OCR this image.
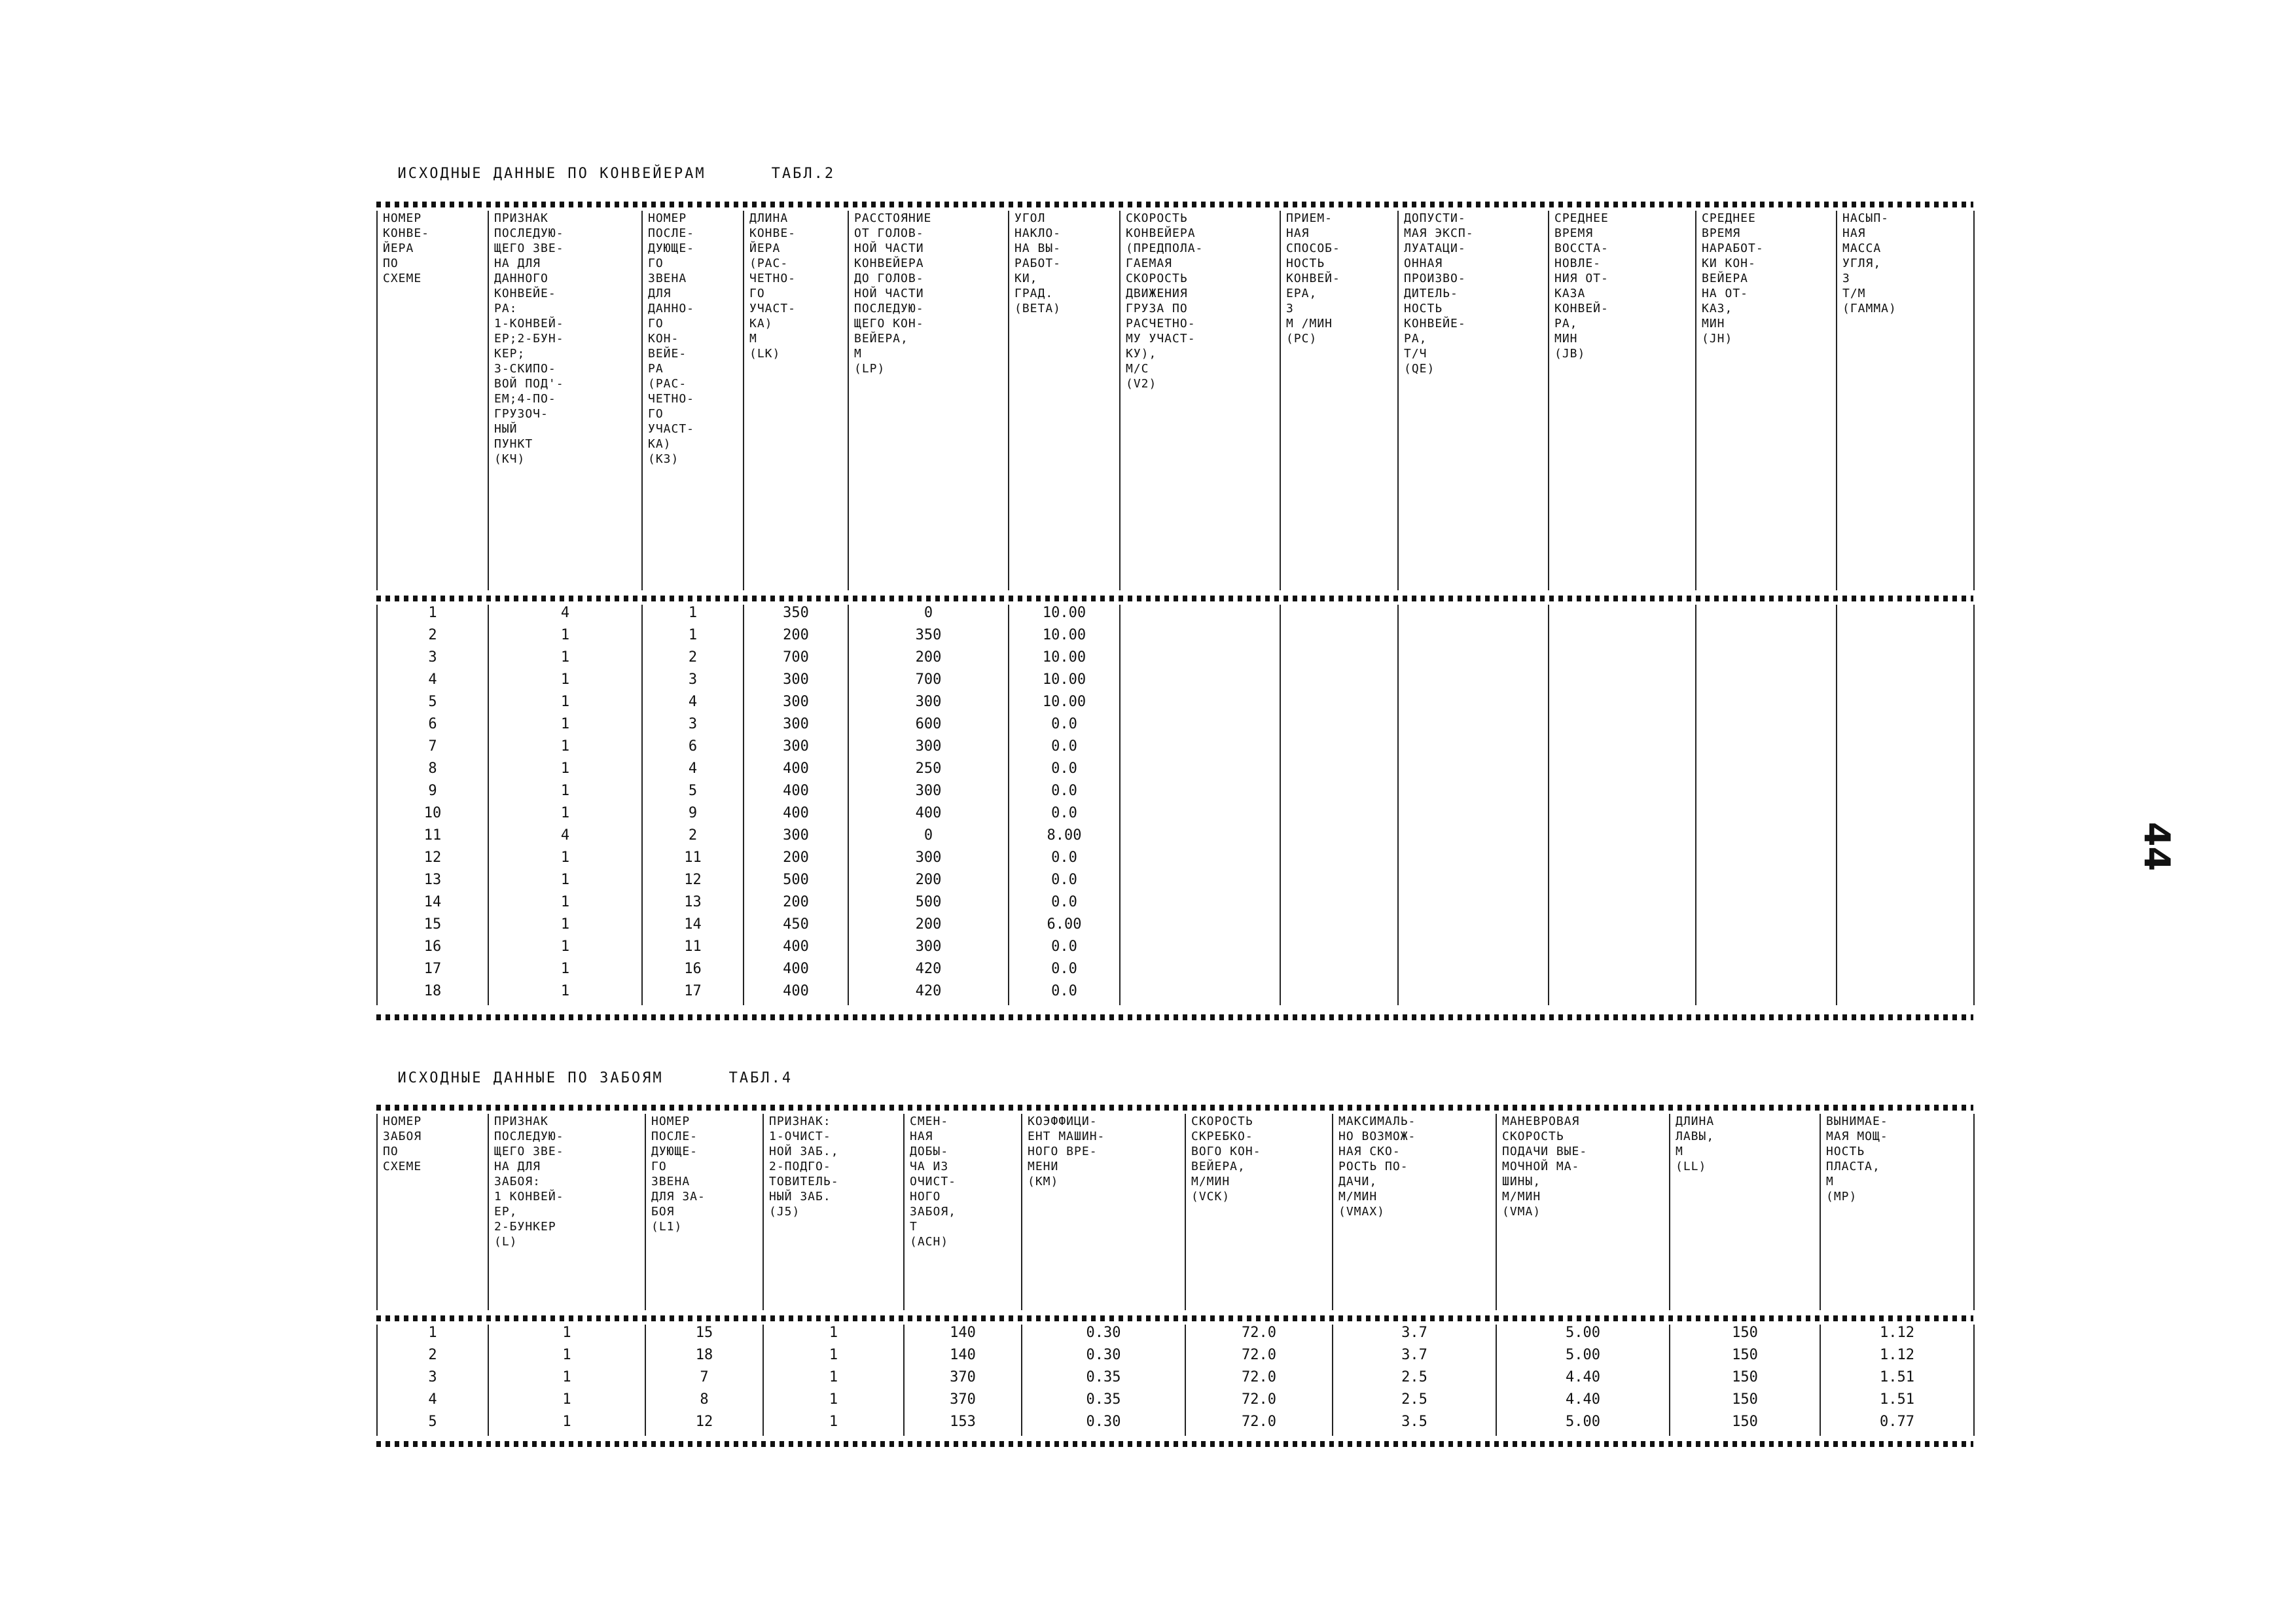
ИСХОДНЫЕ ДАННЫЕ ПО КОНВЕЙЕРАМ	ТАБЛ.2

НОМЕР
КОНВЕ-
ЙЕРА
ПО
СХЕМЕ	ПРИЗНАК
ПОСЛЕДУЮ-
ЩЕГО ЗВЕ-
НА ДЛЯ
ДАННОГО
КОНВЕЙЕ-
РА:
1-КОНВЕЙ-
ЕР;2-БУН-
КЕР;
3-СКИПО-
ВОЙ ПОД'-
ЕМ;4-ПО-
ГРУЗОЧ-
НЫЙ
ПУНКТ
(КЧ)	НОМЕР
ПОСЛЕ-
ДУЮЩЕ-
ГО
ЗВЕНА
ДЛЯ
ДАННО-
ГО
КОН-
ВЕЙЕ-
РА
(РАС-
ЧЕТНО-
ГО
УЧАСТ-
КА)
(КЗ)	ДЛИНА
КОНВЕ-
ЙЕРА
(РАС-
ЧЕТНО-
ГО
УЧАСТ-
КА)
М
(LК)	РАССТОЯНИЕ
ОТ ГОЛОВ-
НОЙ ЧАСТИ
КОНВЕЙЕРА
ДО ГОЛОВ-
НОЙ ЧАСТИ
ПОСЛЕДУЮ-
ЩЕГО КОН-
ВЕЙЕРА,
М
(LР)	УГОЛ
НАКЛО-
НА ВЫ-
РАБОТ-
КИ,
ГРАД.
(ВЕТА)	СКОРОСТЬ
КОНВЕЙЕРА
(ПРЕДПОЛА-
ГАЕМАЯ
СКОРОСТЬ
ДВИЖЕНИЯ
ГРУЗА ПО
РАСЧЕТНО-
МУ УЧАСТ-
КУ),
М/С
(V2)	ПРИЕМ-
НАЯ
СПОСОБ-
НОСТЬ
КОНВЕЙ-
ЕРА,
З
М /МИН
(РС)	ДОПУСТИ-
МАЯ ЭКСП-
ЛУАТАЦИ-
ОННАЯ
ПРОИЗВО-
ДИТЕЛЬ-
НОСТЬ
КОНВЕЙЕ-
РА,
Т/Ч
(QЕ)	СРЕДНЕЕ
ВРЕМЯ
ВОССТА-
НОВЛЕ-
НИЯ ОТ-
КАЗА
КОНВЕЙ-
РА,
МИН
(ЈВ)	СРЕДНЕЕ
ВРЕМЯ
НАРАБОТ-
КИ КОН-
ВЕЙЕРА
НА ОТ-
КАЗ,
МИН
(ЈН)	НАСЫП-
НАЯ
МАССА
УГЛЯ,
3
Т/М
(ГАММА)
1	4	1	350	0	10.00						
2	1	1	200	350	10.00						
3	1	2	700	200	10.00						
4	1	3	300	700	10.00						
5	1	4	300	300	10.00						
6	1	3	300	600	0.0						
7	1	6	300	300	0.0						
8	1	4	400	250	0.0						
9	1	5	400	300	0.0						
10	1	9	400	400	0.0						
11	4	2	300	0	8.00						
12	1	11	200	300	0.0						
13	1	12	500	200	0.0						
14	1	13	200	500	0.0						
15	1	14	450	200	6.00						
16	1	11	400	300	0.0						
17	1	16	400	420	0.0						
18	1	17	400	420	0.0						

ИСХОДНЫЕ ДАННЫЕ ПО ЗАБОЯМ	ТАБЛ.4

НОМЕР
ЗАБОЯ
ПО
СХЕМЕ	ПРИЗНАК
ПОСЛЕДУЮ-
ЩЕГО ЗВЕ-
НА ДЛЯ
ЗАБОЯ:
1 КОНВЕЙ-
ЕР,
2-БУНКЕР
(L)	НОМЕР
ПОСЛЕ-
ДУЮЩЕ-
ГО
ЗВЕНА
ДЛЯ ЗА-
БОЯ
(L1)	ПРИЗНАК:
1-ОЧИСТ-
НОЙ ЗАБ.,
2-ПОДГО-
ТОВИТЕЛЬ-
НЫЙ ЗАБ.
(Ј5)	СМЕН-
НАЯ
ДОБЫ-
ЧА ИЗ
ОЧИСТ-
НОГО
ЗАБОЯ,
Т
(АСН)	КОЭФФИЦИ-
ЕНТ МАШИН-
НОГО ВРЕ-
МЕНИ
(КМ)	СКОРОСТЬ
СКРЕБКО-
ВОГО КОН-
ВЕЙЕРА,
М/МИН
(VСК)	МАКСИМАЛЬ-
НО ВОЗМОЖ-
НАЯ СКО-
РОСТЬ ПО-
ДАЧИ,
М/МИН
(VМАХ)	МАНЕВРОВАЯ
СКОРОСТЬ
ПОДАЧИ ВЫЕ-
МОЧНОЙ МА-
ШИНЫ,
М/МИН
(VМА)	ДЛИНА
ЛАВЫ,
М
(LL)	ВЫНИМАЕ-
МАЯ МОЩ-
НОСТЬ
ПЛАСТА,
М
(МР)
1	1	15	1	140	0.30	72.0	3.7	5.00	150	1.12
2	1	18	1	140	0.30	72.0	3.7	5.00	150	1.12
3	1	7	1	370	0.35	72.0	2.5	4.40	150	1.51
4	1	8	1	370	0.35	72.0	2.5	4.40	150	1.51
5	1	12	1	153	0.30	72.0	3.5	5.00	150	0.77
44
